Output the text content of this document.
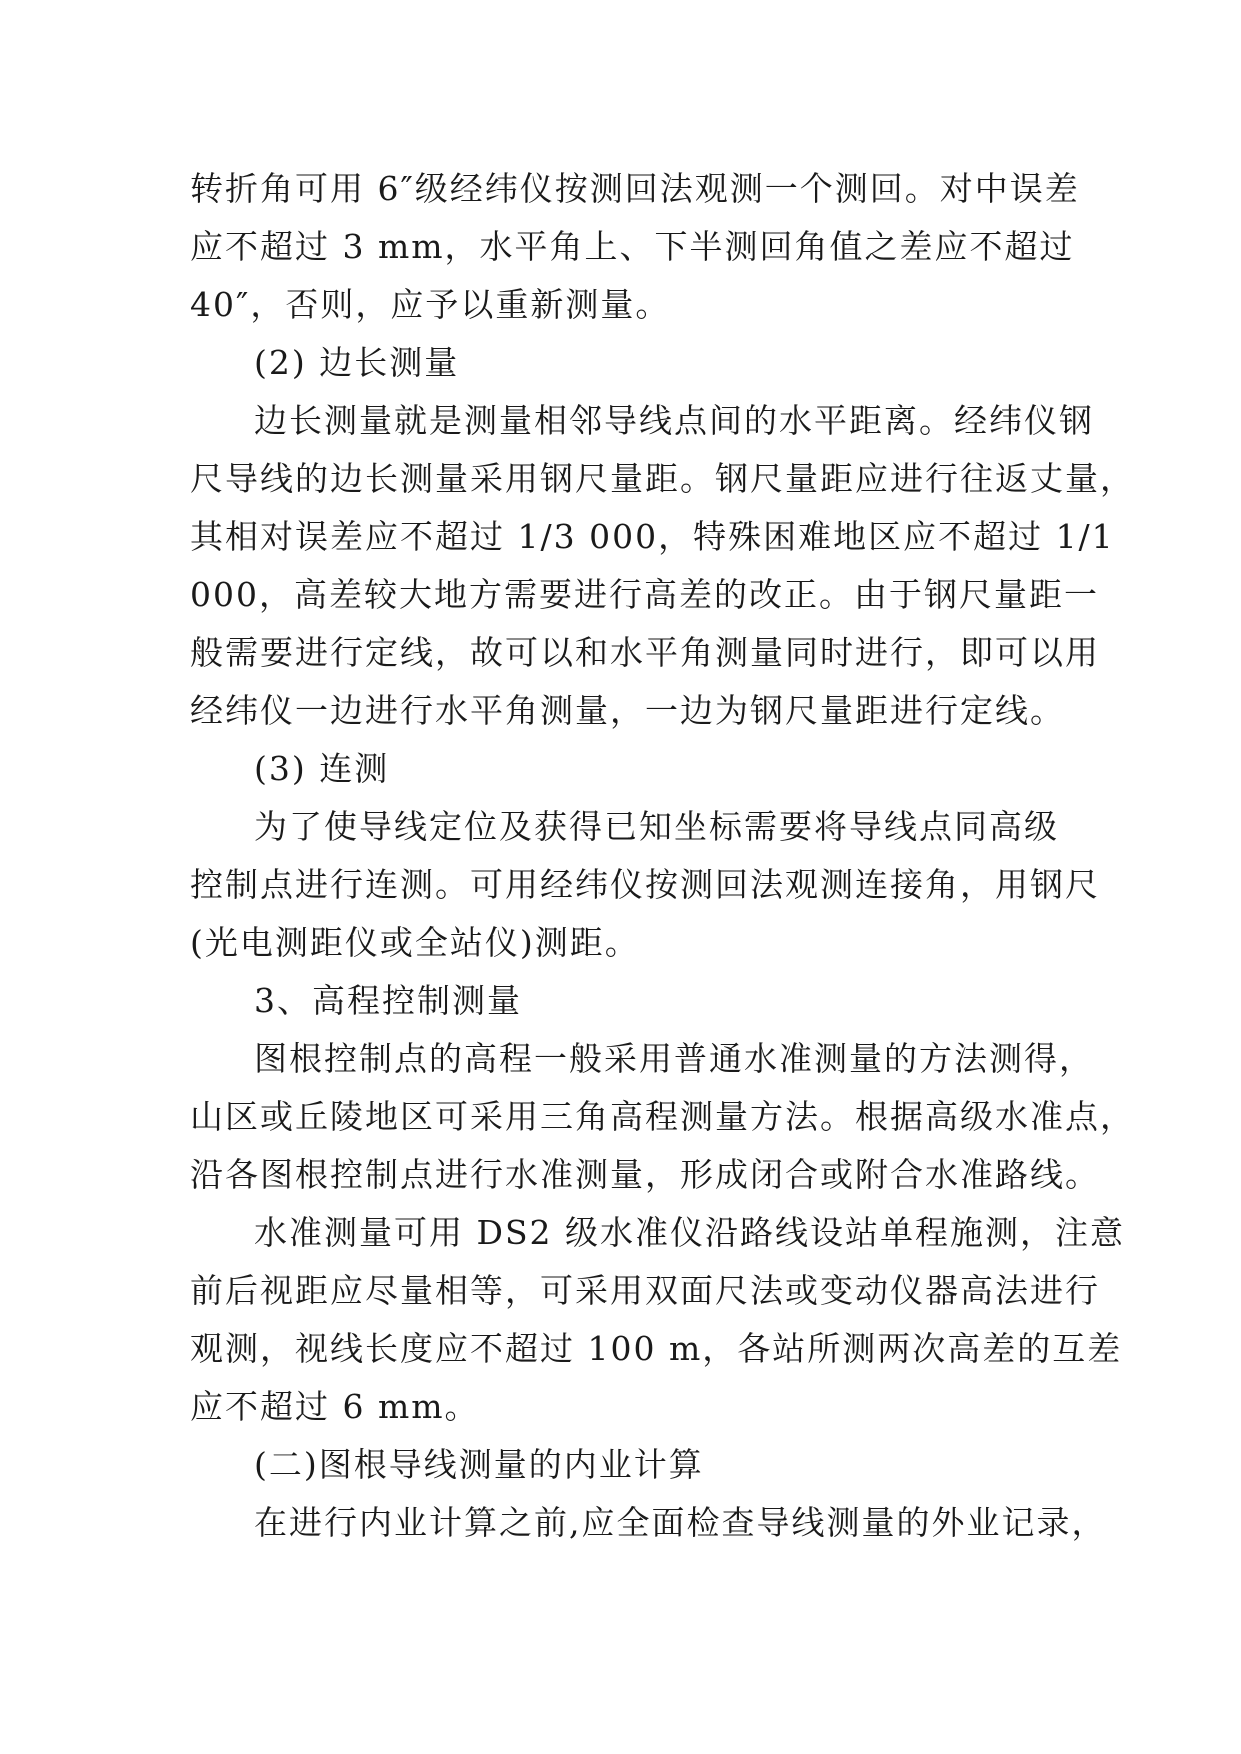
转折角可用 6″级经纬仪按测回法观测一个测回。对中误差
应不超过 3 mm，水平角上、下半测回角值之差应不超过
40″，否则，应予以重新测量。
(2) 边长测量
边长测量就是测量相邻导线点间的水平距离。经纬仪钢
尺导线的边长测量采用钢尺量距。钢尺量距应进行往返丈量，
其相对误差应不超过 1/3 000，特殊困难地区应不超过 1/1
000，高差较大地方需要进行高差的改正。由于钢尺量距一
般需要进行定线，故可以和水平角测量同时进行，即可以用
经纬仪一边进行水平角测量，一边为钢尺量距进行定线。
(3) 连测
为了使导线定位及获得已知坐标需要将导线点同高级
控制点进行连测。可用经纬仪按测回法观测连接角，用钢尺
(光电测距仪或全站仪)测距。
3、高程控制测量
图根控制点的高程一般采用普通水准测量的方法测得，
山区或丘陵地区可采用三角高程测量方法。根据高级水准点，
沿各图根控制点进行水准测量，形成闭合或附合水准路线。
水准测量可用 DS2 级水准仪沿路线设站单程施测，注意
前后视距应尽量相等，可采用双面尺法或变动仪器高法进行
观测，视线长度应不超过 100 m，各站所测两次高差的互差
应不超过 6 mm。
(二)图根导线测量的内业计算
在进行内业计算之前,应全面检查导线测量的外业记录，
